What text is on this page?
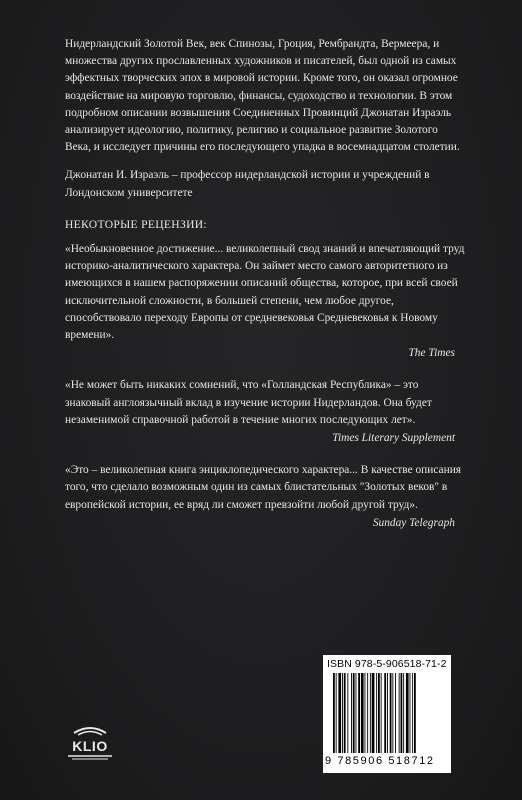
Нидерландский Золотой Век, век Спинозы, Гроция, Рембрандта, Вермеера, и множества других прославленных художников и писателей, был одной из самых эффектных творческих эпох в мировой истории. Кроме того, он оказал огромное воздействие на мировую торговлю, финансы, судоходство и технологии. В этом подробном описании возвышения Соединенных Провинций Джонатан Израэль анализирует идеологию, политику, религию и социальное развитие Золотого Века, и исследует причины его последующего упадка в восемнадцатом столетии.

Джонатан И. Израэль – профессор нидерландской истории и учреждений в Лондонском университете

НЕКОТОРЫЕ РЕЦЕНЗИИ:

«Необыкновенное достижение... великолепный свод знаний и впечатляющий труд историко-аналитического характера. Он займет место самого авторитетного из имеющихся в нашем распоряжении описаний общества, которое, при всей своей исключительной сложности, в большей степени, чем любое другое, способствовало переходу Европы от средневековья Средневековья к Новому времени».

The Times

«Не может быть никаких сомнений, что «Голландская Республика» – это знаковый англоязычный вклад в изучение истории Нидерландов. Она будет незаменимой справочной работой в течение многих последующих лет».

Times Literary Supplement

«Это – великолепная книга энциклопедического характера... В качестве описания того, что сделало возможным один из самых блистательных "Золотых веков" в европейской истории, ее вряд ли сможет превзойти любой другой труд».

Sunday Telegraph
KLIO
ISBN 978-5-906518-71-2
9 785906 518712
